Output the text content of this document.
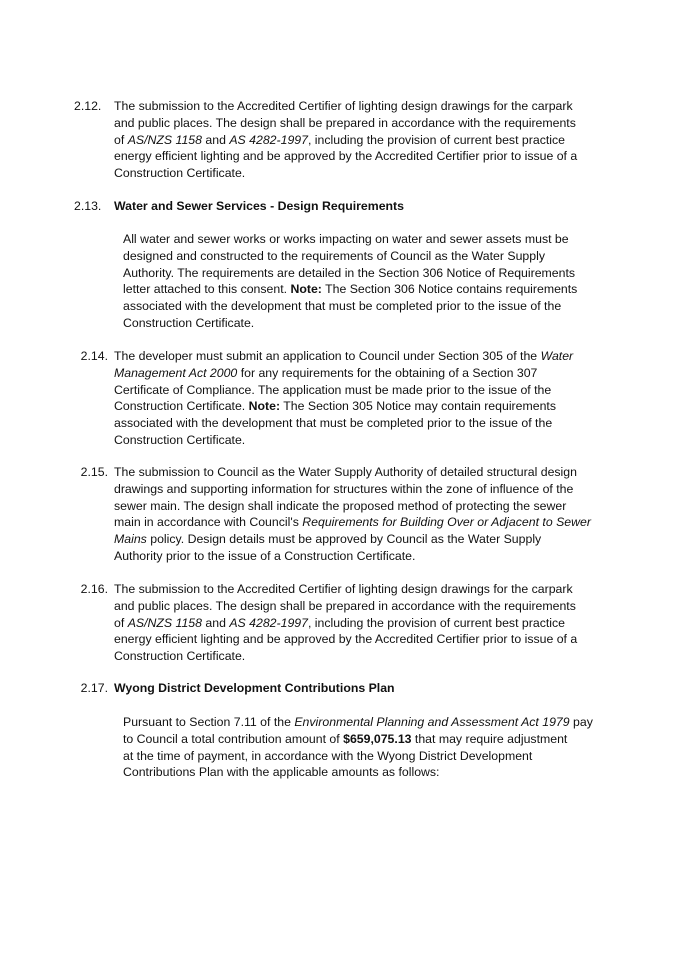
2.12.	The submission to the Accredited Certifier of lighting design drawings for the carpark
and public places. The design shall be prepared in accordance with the requirements
of AS/NZS 1158 and AS 4282-1997, including the provision of current best practice
energy efficient lighting and be approved by the Accredited Certifier prior to issue of a
Construction Certificate.
2.13.	Water and Sewer Services - Design Requirements
All water and sewer works or works impacting on water and sewer assets must be
designed and constructed to the requirements of Council as the Water Supply
Authority. The requirements are detailed in the Section 306 Notice of Requirements
letter attached to this consent. Note: The Section 306 Notice contains requirements
associated with the development that must be completed prior to the issue of the
Construction Certificate.
2.14. The developer must submit an application to Council under Section 305 of the Water
Management Act 2000 for any requirements for the obtaining of a Section 307
Certificate of Compliance. The application must be made prior to the issue of the
Construction Certificate. Note: The Section 305 Notice may contain requirements
associated with the development that must be completed prior to the issue of the
Construction Certificate.
2.15. The submission to Council as the Water Supply Authority of detailed structural design
drawings and supporting information for structures within the zone of influence of the
sewer main. The design shall indicate the proposed method of protecting the sewer
main in accordance with Council's Requirements for Building Over or Adjacent to Sewer
Mains policy. Design details must be approved by Council as the Water Supply
Authority prior to the issue of a Construction Certificate.
2.16. The submission to the Accredited Certifier of lighting design drawings for the carpark
and public places. The design shall be prepared in accordance with the requirements
of AS/NZS 1158 and AS 4282-1997, including the provision of current best practice
energy efficient lighting and be approved by the Accredited Certifier prior to issue of a
Construction Certificate.
2.17. Wyong District Development Contributions Plan
Pursuant to Section 7.11 of the Environmental Planning and Assessment Act 1979 pay
to Council a total contribution amount of $659,075.13 that may require adjustment
at the time of payment, in accordance with the Wyong District Development
Contributions Plan with the applicable amounts as follows:
